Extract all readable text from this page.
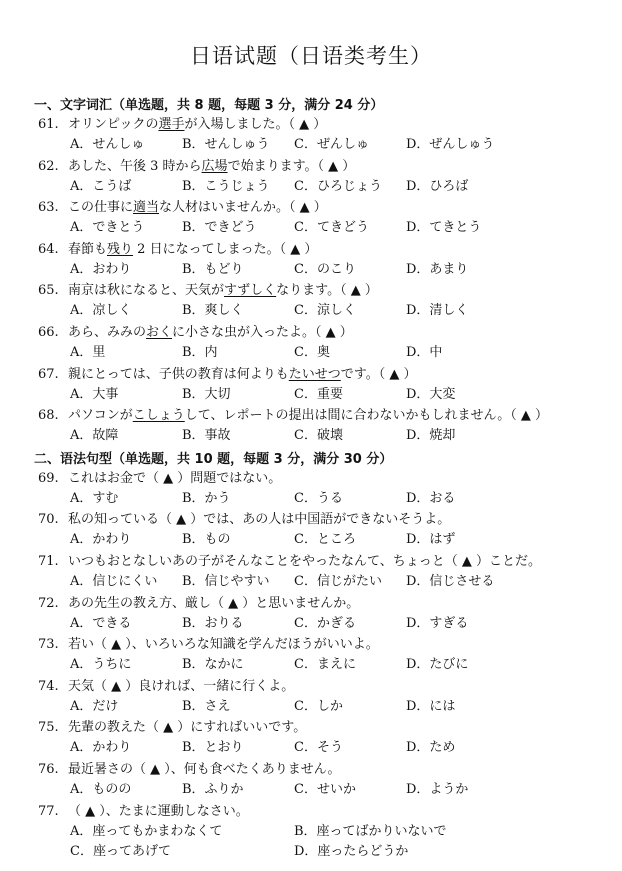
日语试题（日语类考生）
一、文字词汇（单选题，共 8 题，每题 3 分，满分 24 分）
61. オリンピックの選手が入場しました。（ ▲ ）
A．せんしゅ	B．せんしゅう C．ぜんしゅ	D．ぜんしゅう
62. あした、午後 3 時から広場で始まります。（ ▲ ）
A．こうば	B．こうじょう C．ひろじょう D．ひろば
63. この仕事に適当な人材はいませんか。（ ▲ ）
A．できとう	B．できどう	C．てきどう	D．てきとう
64. 春節も残り 2 日になってしまった。（ ▲ ）
A．おわり	B．もどり	C．のこり	D．あまり
65. 南京は秋になると、天気がすずしくなります。（ ▲ ）
A．凉しく	B．爽しく	C．涼しく	D．清しく
66. あら、みみのおくに小さな虫が入ったよ。（ ▲ ）
A．里	B．内	C．奥	D．中
67. 親にとっては、子供の教育は何よりもたいせつです。（ ▲ ）
A．大事	B．大切	C．重要	D．大変
68. パソコンがこしょうして、レポートの提出は間に合わないかもしれません。（ ▲ ）
A．故障	B．事故	C．破壊	D．焼却
二、语法句型（单选题，共 10 题，每题 3 分，满分 30 分）
69. これはお金で（ ▲ ）問題ではない。
A．すむ	B．かう	C．うる	D．おる
70. 私の知っている（ ▲ ）では、あの人は中国語ができないそうよ。
A．かわり	B．もの	C．ところ	D．はず
71. いつもおとなしいあの子がそんなことをやったなんて、ちょっと（ ▲ ）ことだ。
A．信じにくい B．信じやすい C．信じがたい D．信じさせる
72. あの先生の教え方、厳し（ ▲ ）と思いませんか。
A．できる	B．おりる	C．かぎる	D．すぎる
73. 若い（ ▲ ）、いろいろな知識を学んだほうがいいよ。
A．うちに	B．なかに	C．まえに	D．たびに
74. 天気（ ▲ ）良ければ、一緒に行くよ。
A．だけ	B．さえ	C．しか	D．には
75. 先輩の教えた（ ▲ ）にすればいいです。
A．かわり	B．とおり	C．そう	D．ため
76. 最近暑さの（ ▲ ）、何も食べたくありません。
A．ものの	B．ふりか	C．せいか	D．ようか
77. （ ▲ ）、たまに運動しなさい。
A．座ってもかまわなくて	B．座ってばかりいないで
C．座ってあげて	D．座ったらどうか
